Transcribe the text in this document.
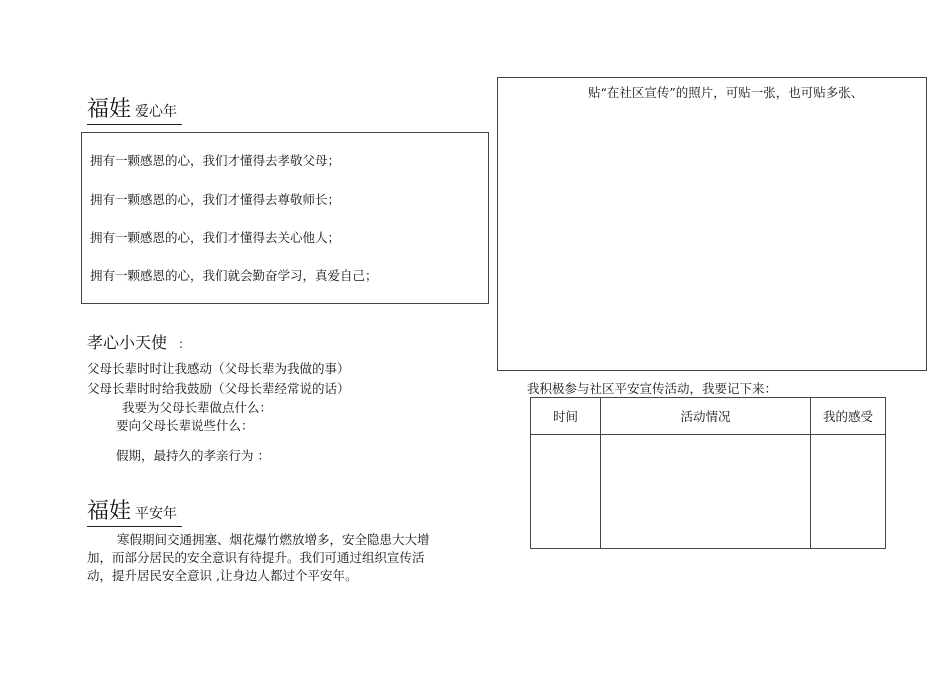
福娃 爱心年
拥有一颗感恩的心，我们才懂得去孝敬父母；
拥有一颗感恩的心，我们才懂得去尊敬师长；
拥有一颗感恩的心，我们才懂得去关心他人；
拥有一颗感恩的心，我们就会勤奋学习，真爱自己；
孝心小天使 ：
父母长辈时时让我感动（父母长辈为我做的事）
父母长辈时时给我鼓励（父母长辈经常说的话）
我要为父母长辈做点什么：
要向父母长辈说些什么：
假期，最持久的孝亲行为 ：
福娃 平安年
寒假期间交通拥塞、烟花爆竹燃放增多，安全隐患大大增加，而部分居民的安全意识有待提升。我们可通过组织宣传活动，提升居民安全意识 ,让身边人都过个平安年。
贴“在社区宣传”的照片，可贴一张，也可贴多张、
我积极参与社区平安宣传活动，我要记下来：
时间	活动情况	我的感受
